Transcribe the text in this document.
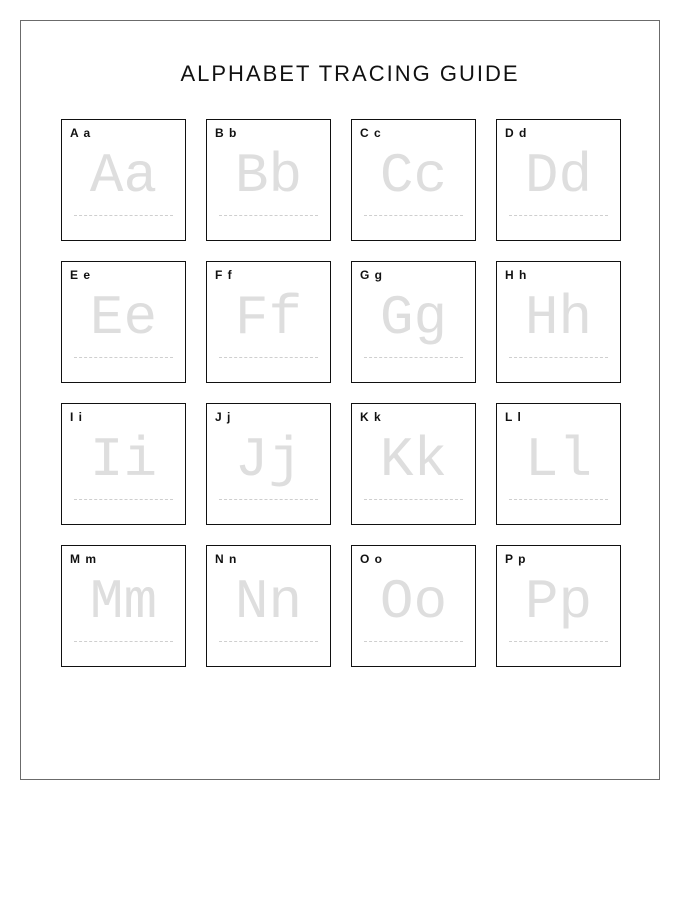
ALPHABET TRACING GUIDE
A a
Aa
B b
Bb
C c
Cc
D d
Dd
E e
Ee
F f
Ff
G g
Gg
H h
Hh
I i
Ii
J j
Jj
K k
Kk
L l
Ll
M m
Mm
N n
Nn
O o
Oo
P p
Pp
